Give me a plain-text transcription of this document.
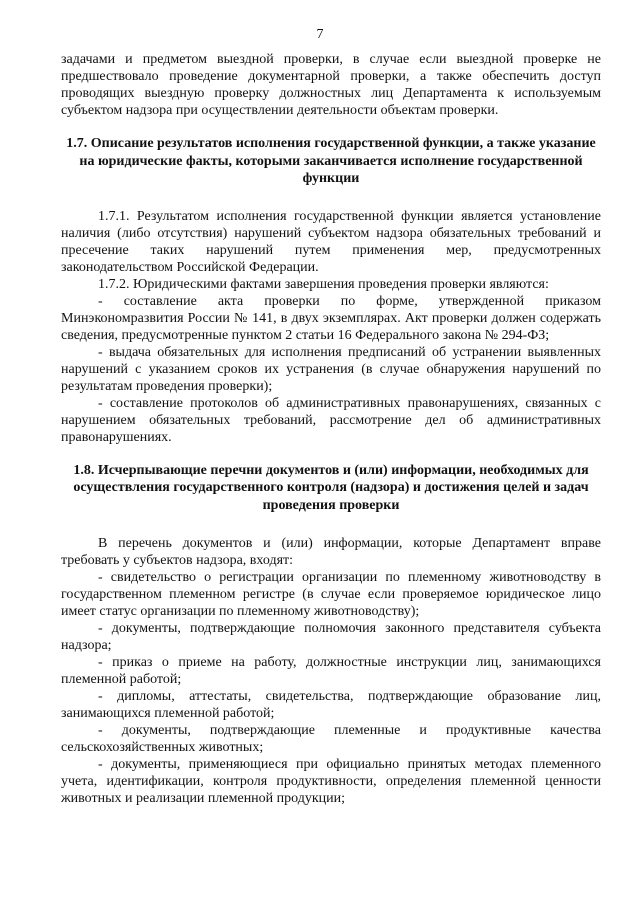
7

задачами и предметом выездной проверки, в случае если выездной проверке не предшествовало проведение документарной проверки, а также обеспечить доступ проводящих выездную проверку должностных лиц Департамента к используемым субъектом надзора при осуществлении деятельности объектам проверки.

1.7. Описание результатов исполнения государственной функции, а также указание на юридические факты, которыми заканчивается исполнение государственной функции

1.7.1. Результатом исполнения государственной функции является установление наличия (либо отсутствия) нарушений субъектом надзора обязательных требований и пресечение таких нарушений путем применения мер, предусмотренных законодательством Российской Федерации.

1.7.2. Юридическими фактами завершения проведения проверки являются:

- составление акта проверки по форме, утвержденной приказом Минэкономразвития России № 141, в двух экземплярах. Акт проверки должен содержать сведения, предусмотренные пунктом 2 статьи 16 Федерального закона № 294-ФЗ;

- выдача обязательных для исполнения предписаний об устранении выявленных нарушений с указанием сроков их устранения (в случае обнаружения нарушений по результатам проведения проверки);

- составление протоколов об административных правонарушениях, связанных с нарушением обязательных требований, рассмотрение дел об административных правонарушениях.

1.8. Исчерпывающие перечни документов и (или) информации, необходимых для осуществления государственного контроля (надзора) и достижения целей и задач проведения проверки

В перечень документов и (или) информации, которые Департамент вправе требовать у субъектов надзора, входят:

- свидетельство о регистрации организации по племенному животноводству в государственном племенном регистре (в случае если проверяемое юридическое лицо имеет статус организации по племенному животноводству);

- документы, подтверждающие полномочия законного представителя субъекта надзора;

- приказ о приеме на работу, должностные инструкции лиц, занимающихся племенной работой;

- дипломы, аттестаты, свидетельства, подтверждающие образование лиц, занимающихся племенной работой;

- документы, подтверждающие племенные и продуктивные качества сельскохозяйственных животных;

- документы, применяющиеся при официально принятых методах племенного учета, идентификации, контроля продуктивности, определения племенной ценности животных и реализации племенной продукции;
